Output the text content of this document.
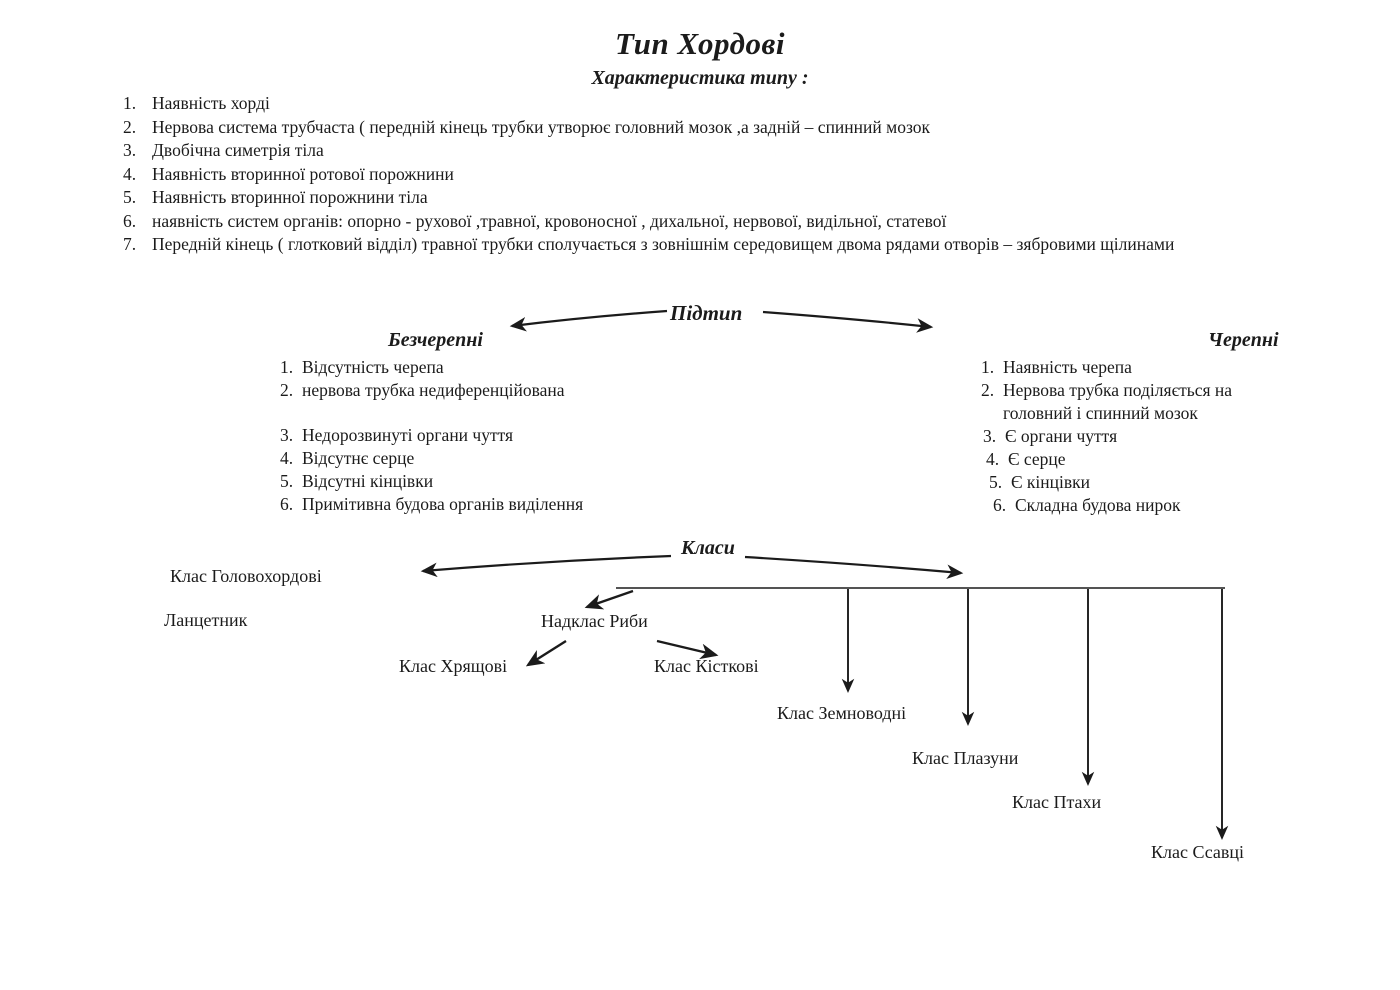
Тип Хордові
Характеристика типу :
1. Наявність хорді
2. Нервова система трубчаста ( передній кінець трубки утворює головний мозок ,а задній – спинний мозок
3. Двобічна симетрія тіла
4. Наявність вторинної ротової порожнини
5. Наявність вторинної порожнини тіла
6. наявність систем органів: опорно - рухової ,травної, кровоносної , дихальної, нервової, видільної, статевої
7. Передній кінець ( глотковий відділ) травної трубки сполучається з зовнішнім середовищем двома рядами отворів – зябровими щілинами
Підтип
Безчерепні
1. Відсутність черепа
2. нервова трубка недиференційована
3. Недорозвинуті органи чуття
4. Відсутнє серце
5. Відсутні кінцівки
6. Примітивна будова органів виділення
Черепні
1. Наявність черепа
2. Нервова трубка поділяється на головний і спинний мозок
3. Є органи чуття
4. Є серце
5. Є кінцівки
6. Складна будова нирок
Класи
Клас Головохордові
Ланцетник	Надклас Риби
Клас Хрящові	Клас Кісткові
Клас Земноводні
Клас Плазуни
Клас Птахи
Клас Ссавці
